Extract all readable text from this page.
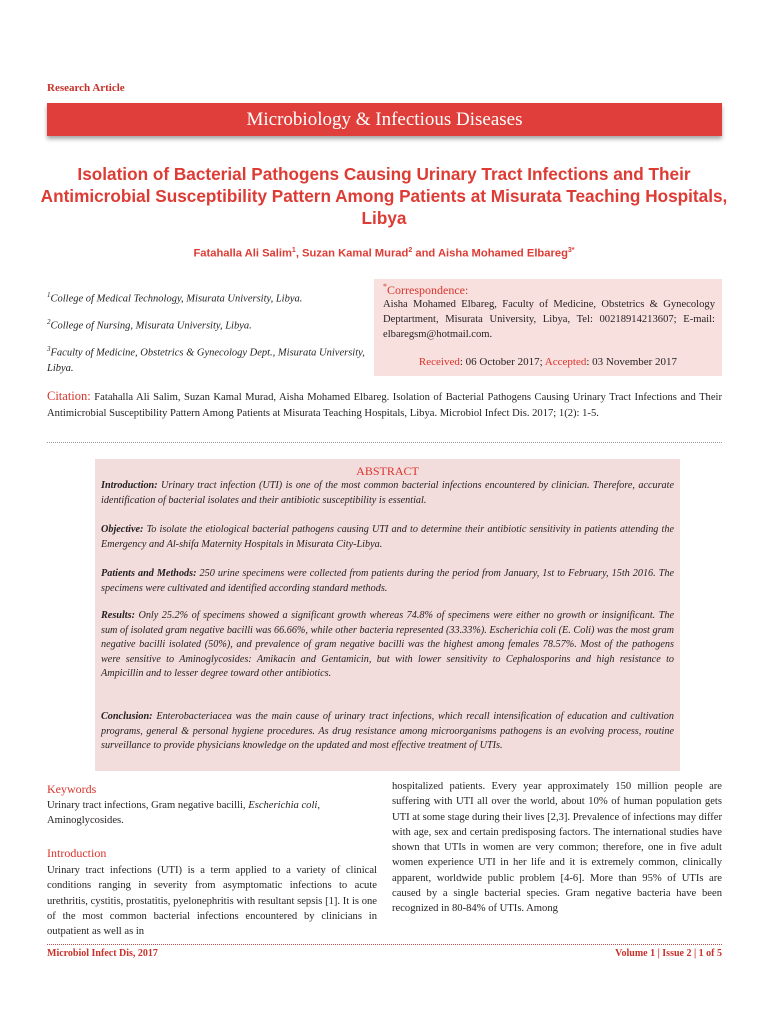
Research Article
Microbiology & Infectious Diseases
Isolation of Bacterial Pathogens Causing Urinary Tract Infections and Their Antimicrobial Susceptibility Pattern Among Patients at Misurata Teaching Hospitals, Libya
Fatahalla Ali Salim$^1$, Suzan Kamal Murad$^2$ and Aisha Mohamed Elbareg$^{3*}$
$^1$College of Medical Technology, Misurata University, Libya.
$^2$College of Nursing, Misurata University, Libya.
$^3$Faculty of Medicine, Obstetrics & Gynecology Dept., Misurata University, Libya.
*Correspondence:
Aisha Mohamed Elbareg, Faculty of Medicine, Obstetrics & Gynecology Deptartment, Misurata University, Libya, Tel: 00218914213607; E-mail: elbaregsm@hotmail.com.
Received: 06 October 2017; Accepted: 03 November 2017
Citation: Fatahalla Ali Salim, Suzan Kamal Murad, Aisha Mohamed Elbareg. Isolation of Bacterial Pathogens Causing Urinary Tract Infections and Their Antimicrobial Susceptibility Pattern Among Patients at Misurata Teaching Hospitals, Libya. Microbiol Infect Dis. 2017; 1(2): 1-5.
ABSTRACT
Introduction: Urinary tract infection (UTI) is one of the most common bacterial infections encountered by clinician. Therefore, accurate identification of bacterial isolates and their antibiotic susceptibility is essential.
Objective: To isolate the etiological bacterial pathogens causing UTI and to determine their antibiotic sensitivity in patients attending the Emergency and Al-shifa Maternity Hospitals in Misurata City-Libya.
Patients and Methods: 250 urine specimens were collected from patients during the period from January, 1st to February, 15th 2016. The specimens were cultivated and identified according standard methods.
Results: Only 25.2% of specimens showed a significant growth whereas 74.8% of specimens were either no growth or insignificant. The sum of isolated gram negative bacilli was 66.66%, while other bacteria represented (33.33%). Escherichia coli (E. Coli) was the most gram negative bacilli isolated (50%), and prevalence of gram negative bacilli was the highest among females 78.57%. Most of the pathogens were sensitive to Aminoglycosides: Amikacin and Gentamicin, but with lower sensitivity to Cephalosporins and high resistance to Ampicillin and to lesser degree toward other antibiotics.
Conclusion: Enterobacteriacea was the main cause of urinary tract infections, which recall intensification of education and cultivation programs, general & personal hygiene procedures. As drug resistance among microorganisms pathogens is an evolving process, routine surveillance to provide physicians knowledge on the updated and most effective treatment of UTIs.
Keywords
Urinary tract infections, Gram negative bacilli, Escherichia coli, Aminoglycosides.
Introduction
Urinary tract infections (UTI) is a term applied to a variety of clinical conditions ranging in severity from asymptomatic infections to acute urethritis, cystitis, prostatitis, pyelonephritis with resultant sepsis [1]. It is one of the most common bacterial infections encountered by clinicians in outpatient as well as in
hospitalized patients. Every year approximately 150 million people are suffering with UTI all over the world, about 10% of human population gets UTI at some stage during their lives [2,3]. Prevalence of infections may differ with age, sex and certain predisposing factors. The international studies have shown that UTIs in women are very common; therefore, one in five adult women experience UTI in her life and it is extremely common, clinically apparent, worldwide public problem [4-6]. More than 95% of UTIs are caused by a single bacterial species. Gram negative bacteria have been recognized in 80-84% of UTIs. Among
Microbiol Infect Dis, 2017	Volume 1 | Issue 2 | 1 of 5
